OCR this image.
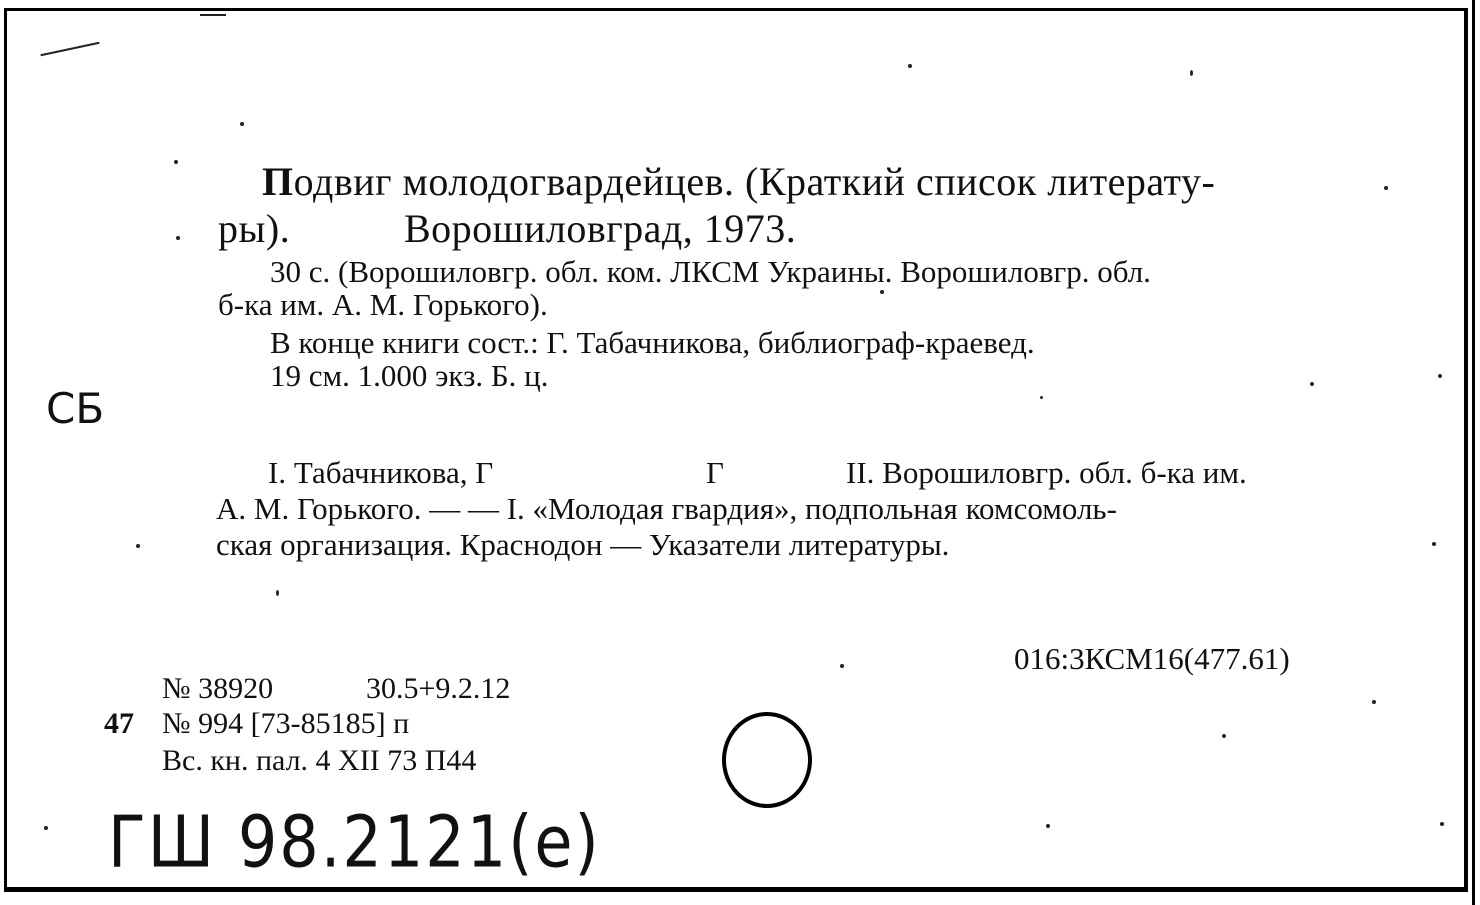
Подвиг молодогвардейцев. (Краткий список литерату-
ры).	Ворошиловград, 1973.
30 с. (Ворошиловгр. обл. ком. ЛКСМ Украины. Ворошиловгр. обл.
б-ка им. А. М. Горького).
В конце книги сост.: Г. Табачникова, библиограф-краевед.
19 см. 1.000 экз. Б. ц.
СБ
I. Табачникова, Г	Г	II. Ворошиловгр. обл. б-ка им.
А. М. Горького. — — I. «Молодая гвардия», подпольная комсомоль-
ская организация. Краснодон — Указатели литературы.
016:3КСМ16(477.61)
№ 38920	30.5+9.2.12
47 № 994 [73-85185] п
Вс. кн. пал. 4 XII 73 П44
ГШ 98.2121(e)
